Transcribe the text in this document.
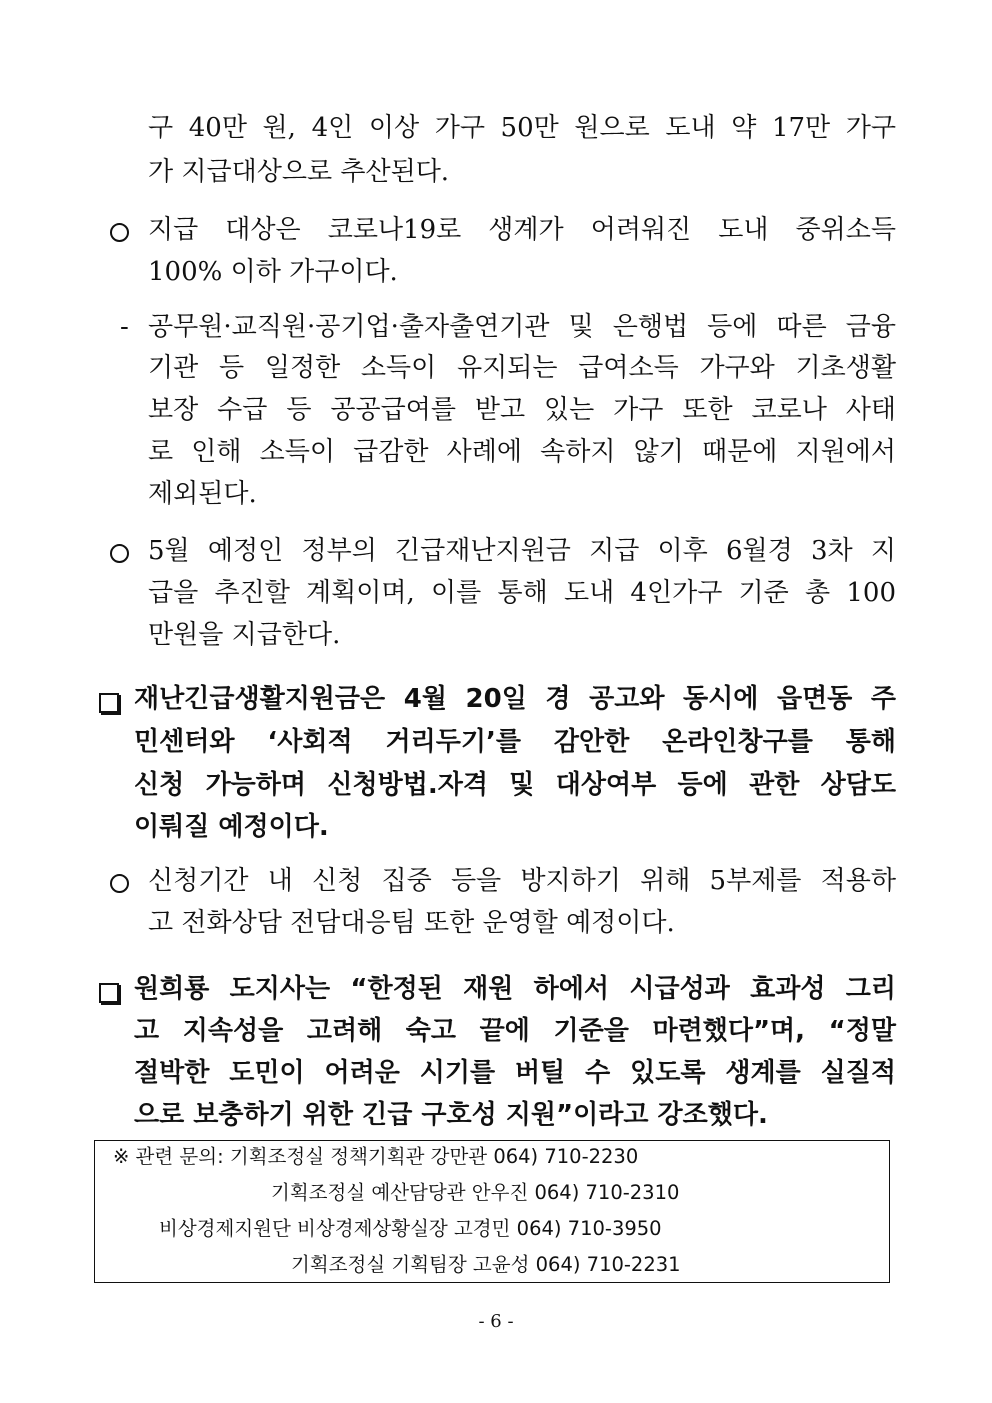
구 40만 원, 4인 이상 가구 50만 원으로 도내 약 17만 가구
가 지급대상으로 추산된다.
지급 대상은 코로나19로 생계가 어려워진 도내 중위소득
100% 이하 가구이다.
- 공무원·교직원·공기업·출자출연기관 및 은행법 등에 따른 금융
기관 등 일정한 소득이 유지되는 급여소득 가구와 기초생활
보장 수급 등 공공급여를 받고 있는 가구 또한 코로나 사태
로 인해 소득이 급감한 사례에 속하지 않기 때문에 지원에서
제외된다.
5월 예정인 정부의 긴급재난지원금 지급 이후 6월경 3차 지
급을 추진할 계획이며, 이를 통해 도내 4인가구 기준 총 100
만원을 지급한다.
재난긴급생활지원금은 4월 20일 경 공고와 동시에 읍면동 주
민센터와 ‘사회적 거리두기’를 감안한 온라인창구를 통해
신청 가능하며 신청방법.자격 및 대상여부 등에 관한 상담도
이뤄질 예정이다.
신청기간 내 신청 집중 등을 방지하기 위해 5부제를 적용하
고 전화상담 전담대응팀 또한 운영할 예정이다.
원희룡 도지사는 “한정된 재원 하에서 시급성과 효과성 그리
고 지속성을 고려해 숙고 끝에 기준을 마련했다”며, “정말
절박한 도민이 어려운 시기를 버틸 수 있도록 생계를 실질적
으로 보충하기 위한 긴급 구호성 지원”이라고 강조했다.
※ 관련 문의: 기획조정실 정책기획관 강만관 064) 710-2230
기획조정실 예산담당관 안우진 064) 710-2310
비상경제지원단 비상경제상황실장 고경민 064) 710-3950
기획조정실 기획팀장 고윤성 064) 710-2231
- 6 -
